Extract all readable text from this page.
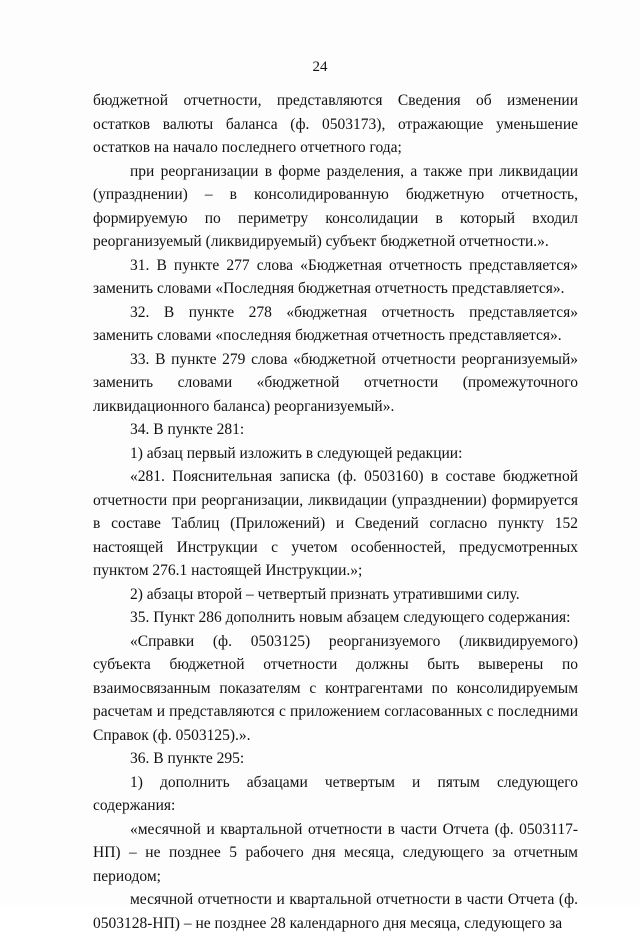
24

бюджетной отчетности, представляются Сведения об изменении остатков валюты баланса (ф. 0503173), отражающие уменьшение остатков на начало последнего отчетного года;

при реорганизации в форме разделения, а также при ликвидации (упразднении) – в консолидированную бюджетную отчетность, формируемую по периметру консолидации в который входил реорганизуемый (ликвидируемый) субъект бюджетной отчетности.».

31. В пункте 277 слова «Бюджетная отчетность представляется» заменить словами «Последняя бюджетная отчетность представляется».

32. В пункте 278 «бюджетная отчетность представляется» заменить словами «последняя бюджетная отчетность представляется».

33. В пункте 279 слова «бюджетной отчетности реорганизуемый» заменить словами «бюджетной отчетности (промежуточного ликвидационного баланса) реорганизуемый».

34. В пункте 281:

1) абзац первый изложить в следующей редакции:

«281. Пояснительная записка (ф. 0503160) в составе бюджетной отчетности при реорганизации, ликвидации (упразднении) формируется в составе Таблиц (Приложений) и Сведений согласно пункту 152 настоящей Инструкции с учетом особенностей, предусмотренных пунктом 276.1 настоящей Инструкции.»;

2) абзацы второй – четвертый признать утратившими силу.

35. Пункт 286 дополнить новым абзацем следующего содержания:

«Справки (ф. 0503125) реорганизуемого (ликвидируемого) субъекта бюджетной отчетности должны быть выверены по взаимосвязанным показателям с контрагентами по консолидируемым расчетам и представляются с приложением согласованных с последними Справок (ф. 0503125).».

36. В пункте 295:

1) дополнить абзацами четвертым и пятым следующего содержания:

«месячной и квартальной отчетности в части Отчета (ф. 0503117-НП) – не позднее 5 рабочего дня месяца, следующего за отчетным периодом;

месячной отчетности и квартальной отчетности в части Отчета (ф. 0503128-НП) – не позднее 28 календарного дня месяца, следующего за
